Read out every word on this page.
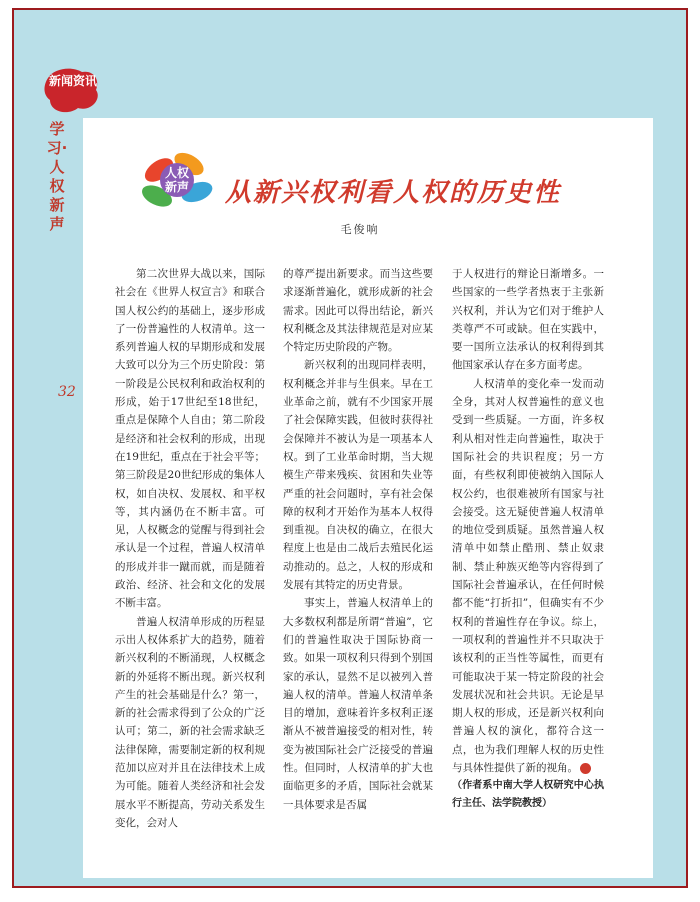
新闻资讯
学习·人权新声
32
人权
新声 从新兴权利看人权的历史性
毛俊响

第二次世界大战以来，国际社会在《世界人权宣言》和联合国人权公约的基础上，逐步形成了一份普遍性的人权清单。这一系列普遍人权的早期形成和发展大致可以分为三个历史阶段：第一阶段是公民权利和政治权利的形成，始于17世纪至18世纪，重点是保障个人自由；第二阶段是经济和社会权利的形成，出现在19世纪，重点在于社会平等；第三阶段是20世纪形成的集体人权，如自决权、发展权、和平权等，其内涵仍在不断丰富。可见，人权概念的觉醒与得到社会承认是一个过程，普遍人权清单的形成并非一蹴而就，而是随着政治、经济、社会和文化的发展不断丰富。

普遍人权清单形成的历程显示出人权体系扩大的趋势，随着新兴权利的不断涌现，人权概念新的外延将不断出现。新兴权利产生的社会基础是什么？第一，新的社会需求得到了公众的广泛认可；第二，新的社会需求缺乏法律保障，需要制定新的权利规范加以应对并且在法律技术上成为可能。随着人类经济和社会发展水平不断提高，劳动关系发生变化，会对人

的尊严提出新要求。而当这些要求逐渐普遍化，就形成新的社会需求。因此可以得出结论，新兴权利概念及其法律规范是对应某个特定历史阶段的产物。

新兴权利的出现同样表明，权利概念并非与生俱来。早在工业革命之前，就有不少国家开展了社会保障实践，但彼时获得社会保障并不被认为是一项基本人权。到了工业革命时期，当大规模生产带来残疾、贫困和失业等严重的社会问题时，享有社会保障的权利才开始作为基本人权得到重视。自决权的确立，在很大程度上也是由二战后去殖民化运动推动的。总之，人权的形成和发展有其特定的历史背景。

事实上，普遍人权清单上的大多数权利都是所谓“普遍”，它们的普遍性取决于国际协商一致。如果一项权利只得到个别国家的承认，显然不足以被列入普遍人权的清单。普遍人权清单条目的增加，意味着许多权利正逐渐从不被普遍接受的相对性，转变为被国际社会广泛接受的普遍性。但同时，人权清单的扩大也面临更多的矛盾，国际社会就某一具体要求是否属

于人权进行的辩论日渐增多。一些国家的一些学者热衷于主张新兴权利，并认为它们对于维护人类尊严不可或缺。但在实践中，要一国所立法承认的权利得到其他国家承认存在多方面考虑。

人权清单的变化牵一发而动全身，其对人权普遍性的意义也受到一些质疑。一方面，许多权利从相对性走向普遍性，取决于国际社会的共识程度；另一方面，有些权利即使被纳入国际人权公约，也很难被所有国家与社会接受。这无疑使普遍人权清单的地位受到质疑。虽然普遍人权清单中如禁止酷刑、禁止奴隶制、禁止种族灭绝等内容得到了国际社会普遍承认，在任何时候都不能“打折扣”，但确实有不少权利的普遍性存在争议。综上，一项权利的普遍性并不只取决于该权利的正当性等属性，而更有可能取决于某一特定阶段的社会发展状况和社会共识。无论是早期人权的形成，还是新兴权利向普遍人权的演化，都符合这一点，也为我们理解人权的历史性与具体性提供了新的视角。

（作者系中南大学人权研究中心执行主任、法学院教授）
